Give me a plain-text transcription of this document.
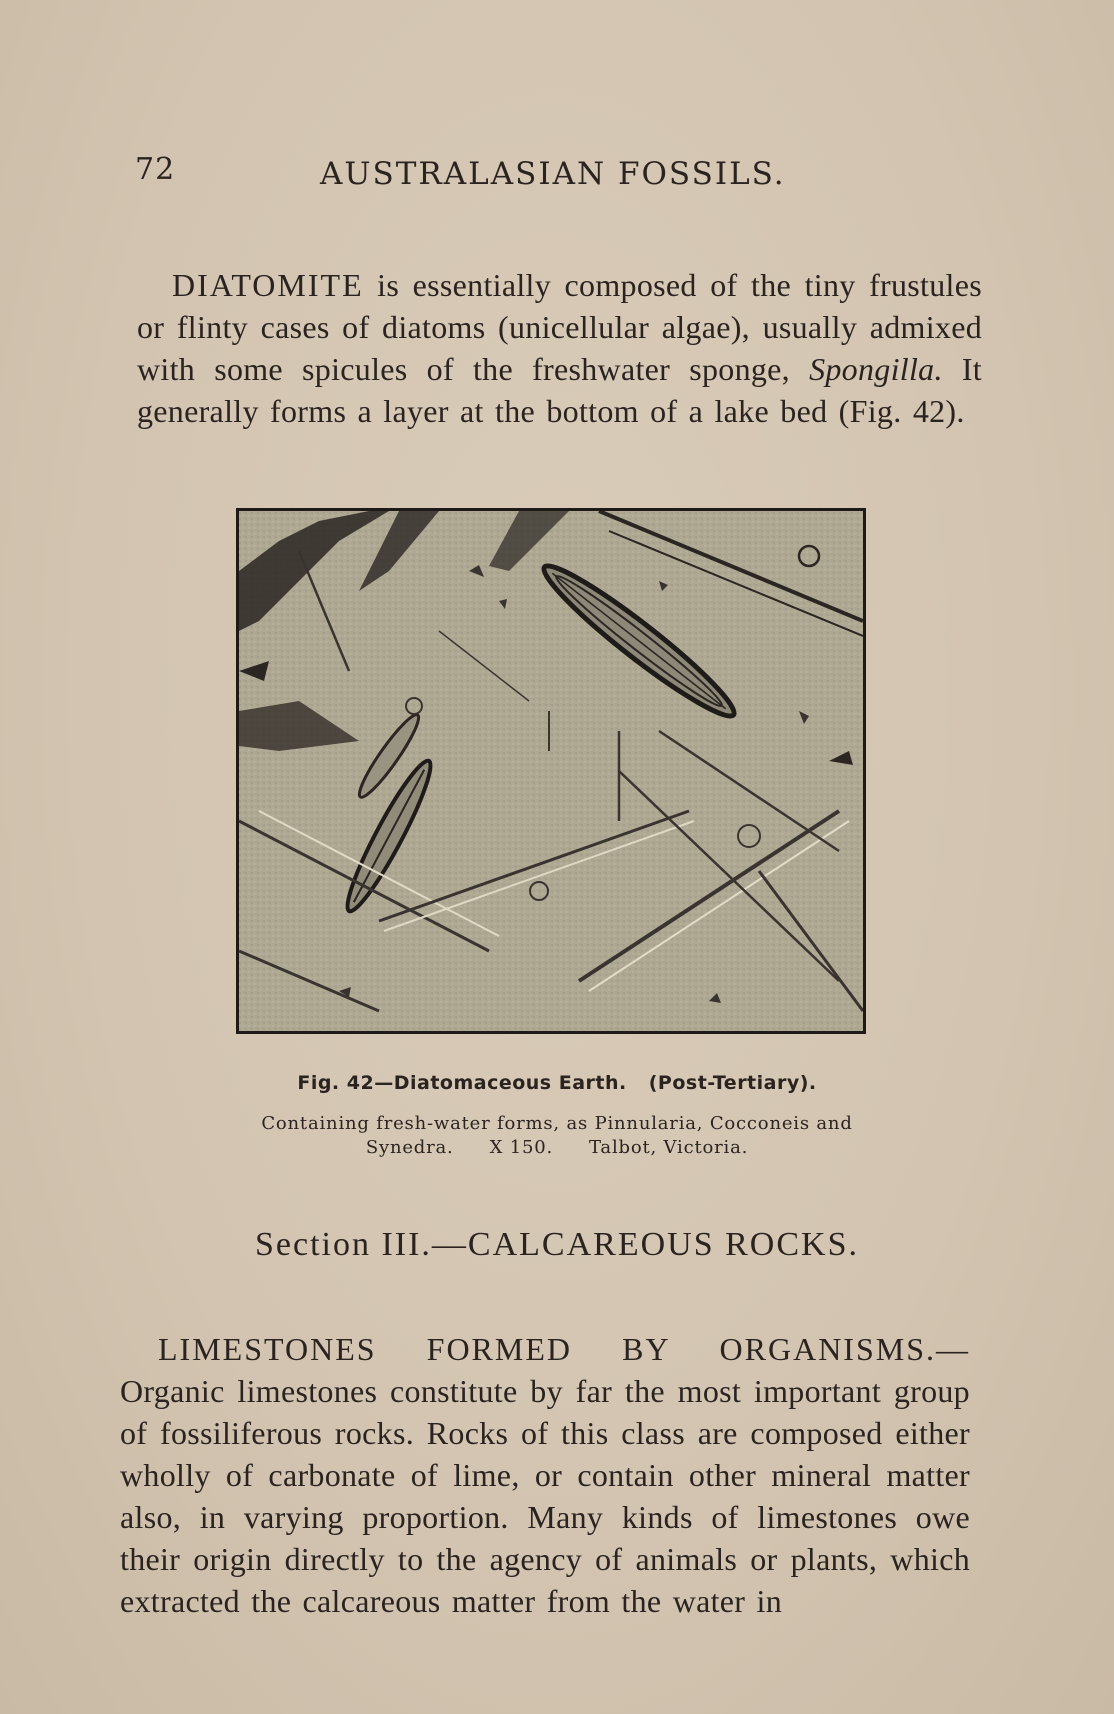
72	AUSTRALASIAN FOSSILS.

DIATOMITE is essentially composed of the tiny frustules or flinty cases of diatoms (unicellular algae), usually admixed with some spicules of the freshwater sponge, Spongilla. It generally forms a layer at the bottom of a lake bed (Fig. 42).

Fig. 42—Diatomaceous Earth. (Post-Tertiary).
Containing fresh-water forms, as Pinnularia, Cocconeis and
Synedra. X 150. Talbot, Victoria.
Section III.—CALCAREOUS ROCKS.

LIMESTONES FORMED BY ORGANISMS.— Organic limestones constitute by far the most important group of fossiliferous rocks. Rocks of this class are composed either wholly of carbonate of lime, or contain other mineral matter also, in varying proportion. Many kinds of limestones owe their origin directly to the agency of animals or plants, which extracted the calcareous matter from the water in
